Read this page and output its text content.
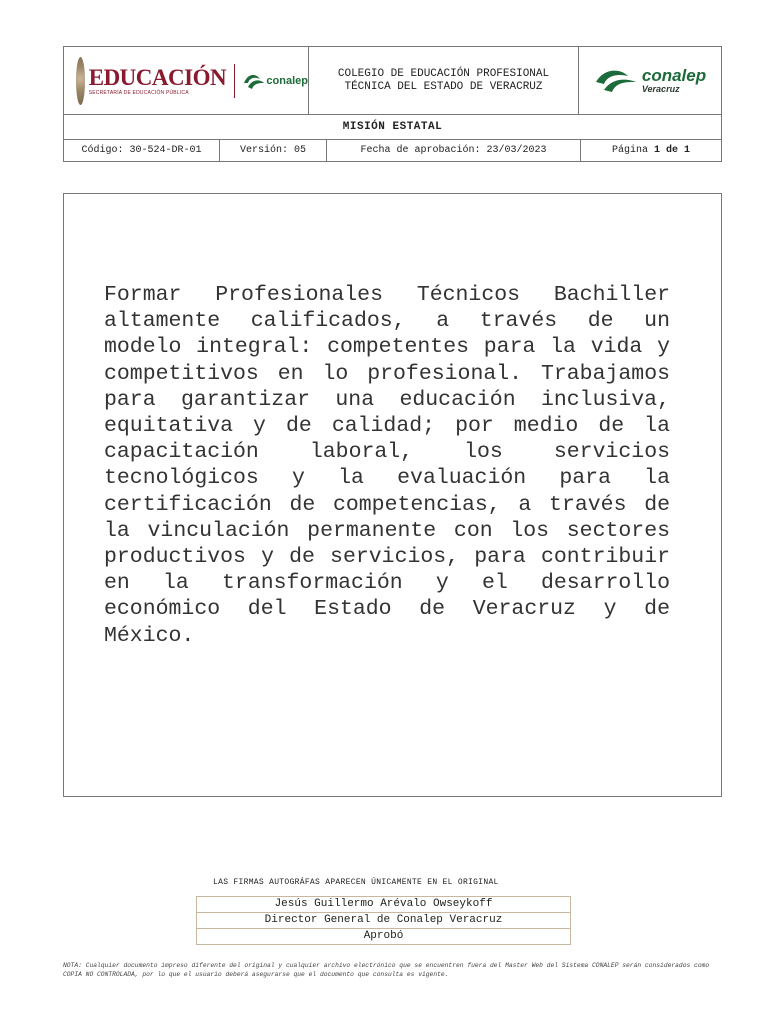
EDUCACIÓN
SECRETARÍA DE EDUCACIÓN PÚBLICA
conalep
COLEGIO DE EDUCACIÓN PROFESIONAL
TÉCNICA DEL ESTADO DE VERACRUZ
conalep
Veracruz
MISIÓN ESTATAL
Código: 30-524-DR-01	Versión: 05	Fecha de aprobación: 23/03/2023	Página 1 de 1
Formar Profesionales Técnicos Bachiller altamente calificados, a través de un modelo integral: competentes para la vida y competitivos en lo profesional. Trabajamos para garantizar una educación inclusiva, equitativa y de calidad; por medio de la capacitación laboral, los servicios tecnológicos y la evaluación para la certificación de competencias, a través de la vinculación permanente con los sectores productivos y de servicios, para contribuir en la transformación y el desarrollo económico del Estado de Veracruz y de México.
LAS FIRMAS AUTOGRÁFAS APARECEN ÚNICAMENTE EN EL ORIGINAL
Jesús Guillermo Arévalo Owseykoff
Director General de Conalep Veracruz
Aprobó
NOTA: Cualquier documento impreso diferente del original y cualquier archivo electrónico que se encuentren fuera del Master Web del Sistema CONALEP serán considerados como COPIA NO CONTROLADA, por lo que el usuario deberá asegurarse que el documento que consulta es vigente.
